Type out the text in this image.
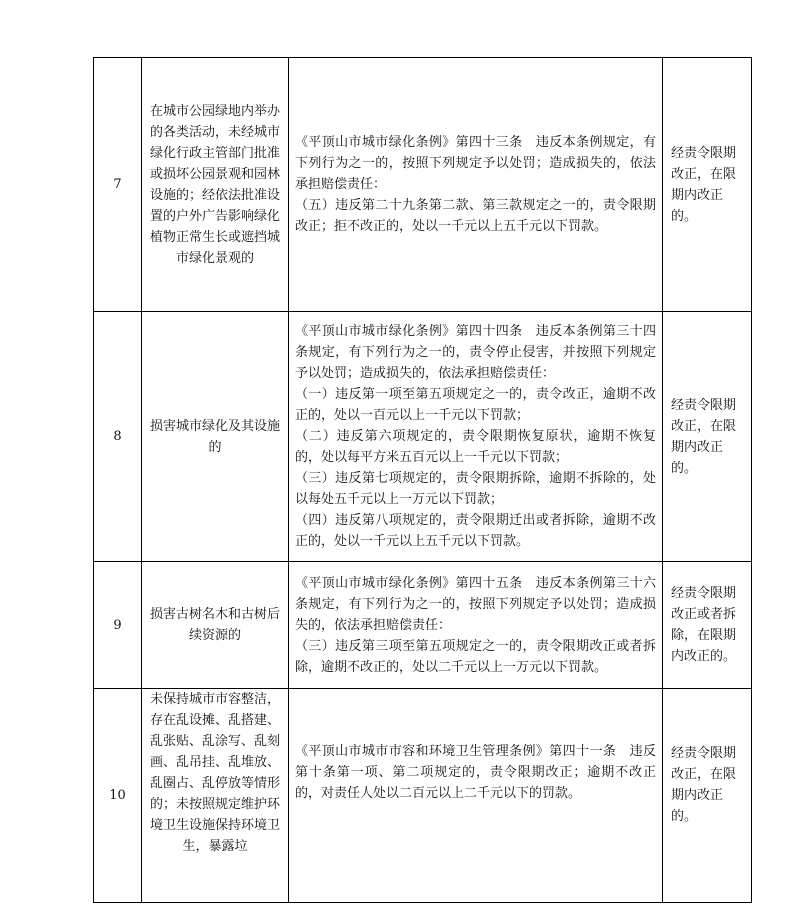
7	在城市公园绿地内举办的各类活动，未经城市绿化行政主管部门批准或损坏公园景观和园林设施的；经依法批准设置的户外广告影响绿化植物正常生长或遮挡城市绿化景观的	《平顶山市城市绿化条例》第四十三条　违反本条例规定，有下列行为之一的，按照下列规定予以处罚；造成损失的，依法承担赔偿责任：

（五）违反第二十九条第二款、第三款规定之一的，责令限期改正；拒不改正的，处以一千元以上五千元以下罚款。	经责令限期改正，在限期内改正的。
8	损害城市绿化及其设施的	《平顶山市城市绿化条例》第四十四条　违反本条例第三十四条规定，有下列行为之一的，责令停止侵害，并按照下列规定予以处罚；造成损失的，依法承担赔偿责任：

（一）违反第一项至第五项规定之一的，责令改正，逾期不改正的，处以一百元以上一千元以下罚款；

（二）违反第六项规定的，责令限期恢复原状，逾期不恢复的，处以每平方米五百元以上一千元以下罚款；

（三）违反第七项规定的，责令限期拆除，逾期不拆除的，处以每处五千元以上一万元以下罚款；

（四）违反第八项规定的，责令限期迁出或者拆除，逾期不改正的，处以一千元以上五千元以下罚款。	经责令限期改正，在限期内改正的。
9	损害古树名木和古树后续资源的	《平顶山市城市绿化条例》第四十五条　违反本条例第三十六条规定，有下列行为之一的，按照下列规定予以处罚；造成损失的，依法承担赔偿责任：

（三）违反第三项至第五项规定之一的，责令限期改正或者拆除，逾期不改正的，处以二千元以上一万元以下罚款。	经责令限期改正或者拆除，在限期内改正的。
10	未保持城市市容整洁，存在乱设摊、乱搭建、乱张贴、乱涂写、乱刻画、乱吊挂、乱堆放、乱圈占、乱停放等情形的；未按照规定维护环境卫生设施保持环境卫生，暴露垃	《平顶山市城市市容和环境卫生管理条例》第四十一条　违反第十条第一项、第二项规定的，责令限期改正；逾期不改正的，对责任人处以二百元以上二千元以下的罚款。	经责令限期改正，在限期内改正的。
